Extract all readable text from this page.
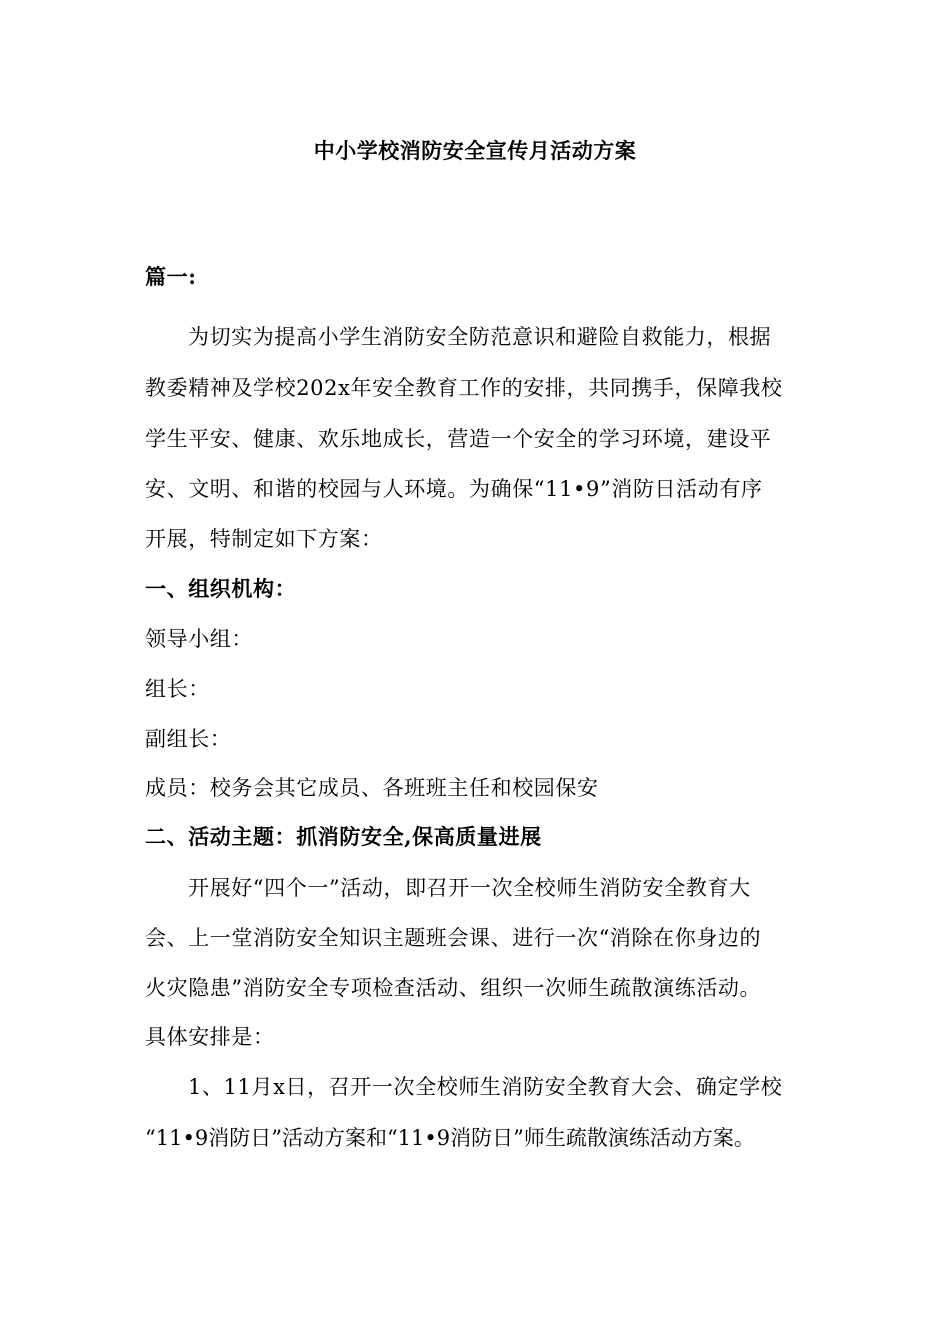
中小学校消防安全宣传月活动方案
篇一:
为切实为提高小学生消防安全防范意识和避险自救能力，根据
教委精神及学校202x年安全教育工作的安排，共同携手，保障我校
学生平安、健康、欢乐地成长，营造一个安全的学习环境，建设平
安、文明、和谐的校园与人环境。为确保“11•9”消防日活动有序
开展，特制定如下方案：
一、组织机构：
领导小组：
组长：
副组长：
成员：校务会其它成员、各班班主任和校园保安
二、活动主题：抓消防安全,保高质量进展
开展好“四个一”活动，即召开一次全校师生消防安全教育大
会、上一堂消防安全知识主题班会课、进行一次“消除在你身边的
火灾隐患”消防安全专项检查活动、组织一次师生疏散演练活动。
具体安排是：
1、11月x日，召开一次全校师生消防安全教育大会、确定学校
“11•9消防日”活动方案和“11•9消防日”师生疏散演练活动方案。
